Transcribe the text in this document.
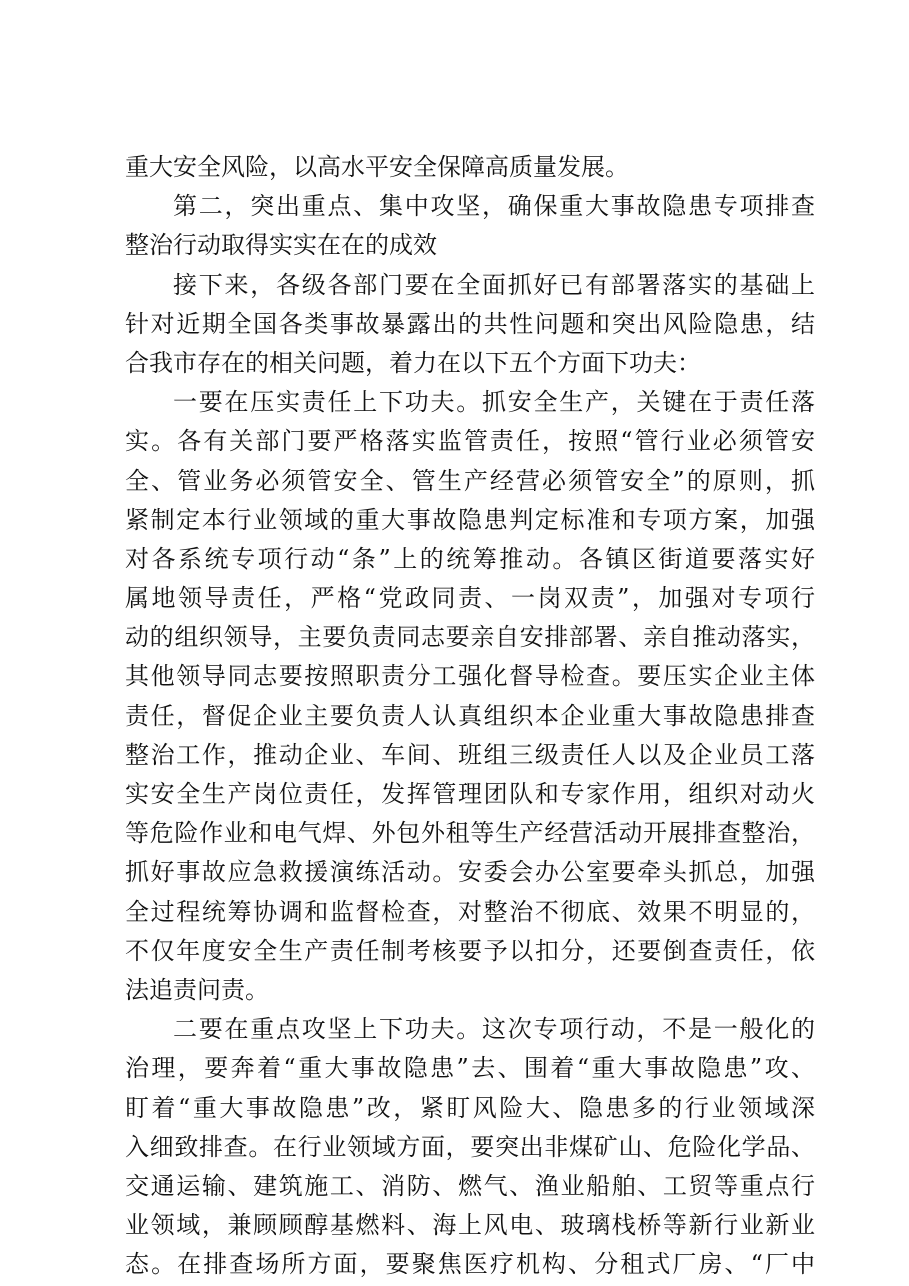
重大安全风险，以高水平安全保障高质量发展。
第二，突出重点、集中攻坚，确保重大事故隐患专项排查
整治行动取得实实在在的成效
接下来，各级各部门要在全面抓好已有部署落实的基础上
针对近期全国各类事故暴露出的共性问题和突出风险隐患，结
合我市存在的相关问题，着力在以下五个方面下功夫：
一要在压实责任上下功夫。抓安全生产，关键在于责任落
实。各有关部门要严格落实监管责任，按照“管行业必须管安
全、管业务必须管安全、管生产经营必须管安全”的原则，抓
紧制定本行业领域的重大事故隐患判定标准和专项方案，加强
对各系统专项行动“条”上的统筹推动。各镇区街道要落实好
属地领导责任，严格“党政同责、一岗双责”，加强对专项行
动的组织领导，主要负责同志要亲自安排部署、亲自推动落实，
其他领导同志要按照职责分工强化督导检查。要压实企业主体
责任，督促企业主要负责人认真组织本企业重大事故隐患排查
整治工作，推动企业、车间、班组三级责任人以及企业员工落
实安全生产岗位责任，发挥管理团队和专家作用，组织对动火
等危险作业和电气焊、外包外租等生产经营活动开展排查整治，
抓好事故应急救援演练活动。安委会办公室要牵头抓总，加强
全过程统筹协调和监督检查，对整治不彻底、效果不明显的，
不仅年度安全生产责任制考核要予以扣分，还要倒查责任，依
法追责问责。
二要在重点攻坚上下功夫。这次专项行动，不是一般化的
治理，要奔着“重大事故隐患”去、围着“重大事故隐患”攻、
盯着“重大事故隐患”改，紧盯风险大、隐患多的行业领域深
入细致排查。在行业领域方面，要突出非煤矿山、危险化学品、
交通运输、建筑施工、消防、燃气、渔业船舶、工贸等重点行
业领域，兼顾顾醇基燃料、海上风电、玻璃栈桥等新行业新业
态。在排查场所方面，要聚焦医疗机构、分租式厂房、“厂中
